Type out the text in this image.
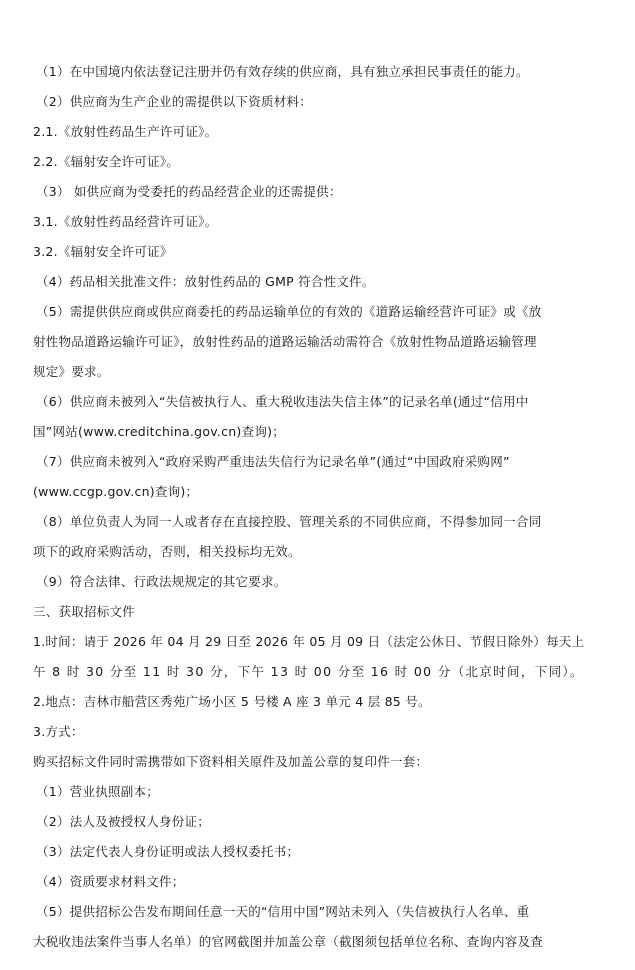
（1）在中国境内依法登记注册并仍有效存续的供应商，具有独立承担民事责任的能力。
（2）供应商为生产企业的需提供以下资质材料：
2.1.《放射性药品生产许可证》。
2.2.《辐射安全许可证》。
（3） 如供应商为受委托的药品经营企业的还需提供：
3.1.《放射性药品经营许可证》。
3.2.《辐射安全许可证》
（4）药品相关批准文件：放射性药品的 GMP 符合性文件。
（5）需提供供应商或供应商委托的药品运输单位的有效的《道路运输经营许可证》或《放
射性物品道路运输许可证》，放射性药品的道路运输活动需符合《放射性物品道路运输管理
规定》要求。
（6）供应商未被列入“失信被执行人、重大税收违法失信主体”的记录名单(通过“信用中
国”网站(www.creditchina.gov.cn)查询)；
（7）供应商未被列入“政府采购严重违法失信行为记录名单”(通过“中国政府采购网”
(www.ccgp.gov.cn)查询)；
（8）单位负责人为同一人或者存在直接控股、管理关系的不同供应商，不得参加同一合同
项下的政府采购活动，否则，相关投标均无效。
（9）符合法律、行政法规规定的其它要求。
三、获取招标文件
1.时间：请于 2026 年 04 月 29 日至 2026 年 05 月 09 日（法定公休日、节假日除外）每天上
午 8 时 30 分至 11 时 30 分，下午 13 时 00 分至 16 时 00 分（北京时间，下同）。
2.地点：吉林市船营区秀苑广场小区 5 号楼 A 座 3 单元 4 层 85 号。
3.方式：
购买招标文件同时需携带如下资料相关原件及加盖公章的复印件一套：
（1）营业执照副本；
（2）法人及被授权人身份证；
（3）法定代表人身份证明或法人授权委托书；
（4）资质要求材料文件；
（5）提供招标公告发布期间任意一天的“信用中国”网站未列入（失信被执行人名单、重
大税收违法案件当事人名单）的官网截图并加盖公章（截图须包括单位名称、查询内容及查
